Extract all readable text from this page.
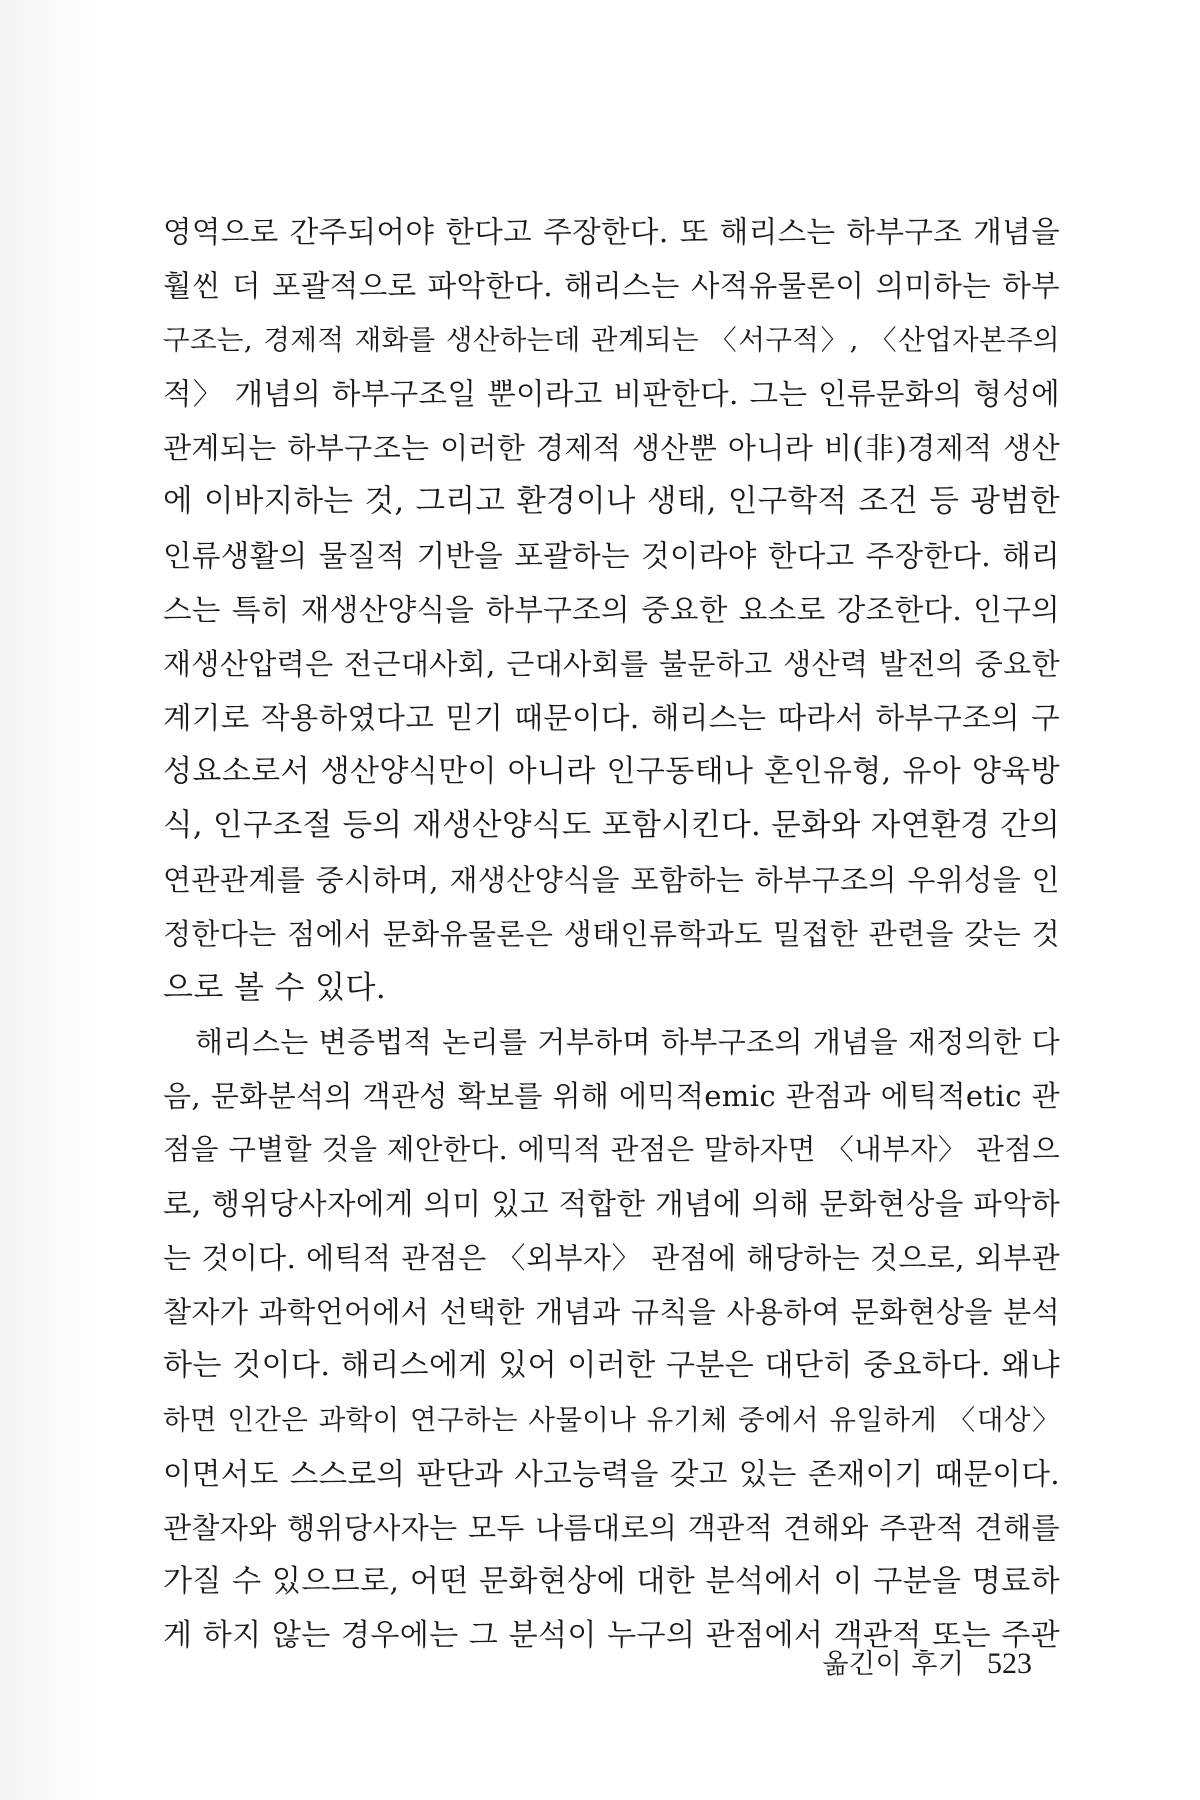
영역으로 간주되어야 한다고 주장한다. 또 해리스는 하부구조 개념을
훨씬 더 포괄적으로 파악한다. 해리스는 사적유물론이 의미하는 하부
구조는, 경제적 재화를 생산하는데 관계되는 〈서구적〉, 〈산업자본주의
적〉 개념의 하부구조일 뿐이라고 비판한다. 그는 인류문화의 형성에
관계되는 하부구조는 이러한 경제적 생산뿐 아니라 비(非)경제적 생산
에 이바지하는 것, 그리고 환경이나 생태, 인구학적 조건 등 광범한
인류생활의 물질적 기반을 포괄하는 것이라야 한다고 주장한다. 해리
스는 특히 재생산양식을 하부구조의 중요한 요소로 강조한다. 인구의
재생산압력은 전근대사회, 근대사회를 불문하고 생산력 발전의 중요한
계기로 작용하였다고 믿기 때문이다. 해리스는 따라서 하부구조의 구
성요소로서 생산양식만이 아니라 인구동태나 혼인유형, 유아 양육방
식, 인구조절 등의 재생산양식도 포함시킨다. 문화와 자연환경 간의
연관관계를 중시하며, 재생산양식을 포함하는 하부구조의 우위성을 인
정한다는 점에서 문화유물론은 생태인류학과도 밀접한 관련을 갖는 것
으로 볼 수 있다.
해리스는 변증법적 논리를 거부하며 하부구조의 개념을 재정의한 다
음, 문화분석의 객관성 확보를 위해 에믹적emic 관점과 에틱적etic 관
점을 구별할 것을 제안한다. 에믹적 관점은 말하자면 〈내부자〉 관점으
로, 행위당사자에게 의미 있고 적합한 개념에 의해 문화현상을 파악하
는 것이다. 에틱적 관점은 〈외부자〉 관점에 해당하는 것으로, 외부관
찰자가 과학언어에서 선택한 개념과 규칙을 사용하여 문화현상을 분석
하는 것이다. 해리스에게 있어 이러한 구분은 대단히 중요하다. 왜냐
하면 인간은 과학이 연구하는 사물이나 유기체 중에서 유일하게 〈대상〉
이면서도 스스로의 판단과 사고능력을 갖고 있는 존재이기 때문이다.
관찰자와 행위당사자는 모두 나름대로의 객관적 견해와 주관적 견해를
가질 수 있으므로, 어떤 문화현상에 대한 분석에서 이 구분을 명료하
게 하지 않는 경우에는 그 분석이 누구의 관점에서 객관적 또는 주관
옮긴이 후기 523
